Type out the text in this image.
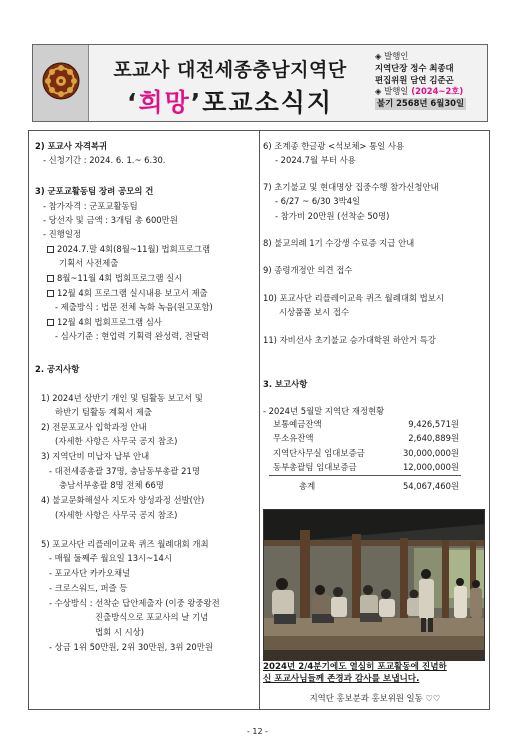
포교사 대전세종충남지역단
‘희망’포교소식지
◈ 발행인
지역단장 정수 최종대
편집위원 담연 김준곤
◈ 발행일 (2024~2호)
불기 2568년 6월30일
2) 포교사 자격복귀
- 신청기간 : 2024. 6. 1.~ 6.30.
3) 군포교활동팀 장려 공모의 건
- 참가자격 : 군포교활동팀
- 당선자 및 금액 : 3개팀 총 600만원
- 진행일정
2024.7.말 4회(8월~11월) 법회프로그램
기획서 사전제출
8월~11월 4회 법회프로그램 실시
12월 4회 프로그램 실시내용 보고서 제출
- 제출방식 : 법문 전체 녹화 녹음(원고포함)
12월 4회 법회프로그램 심사
- 심사기준 : 현업력 기획력 완성력, 전달력
2. 공지사항
1) 2024년 상반기 개인 및 팀활동 보고서 및
하반기 팀활동 계획서 제출
2) 전문포교사 입학과정 안내
(자세한 사항은 사무국 공지 참조)
3) 지역단비 미납자 납부 안내
- 대전세종총괄 37명, 충남동부총괄 21명
충남서부총괄 8명 전체 66명
4) 불교문화해설사 지도자 양성과정 선발(안)
(자세한 사항은 사무국 공지 참조)
5) 포교사단 리플레이교육 퀴즈 월례대회 개최
- 매월 둘째주 월요일 13시~14시
- 포교사단 카카오채널
- 크로스워드, 퍼즐 등
- 수상방식 : 선착순 답안제출자 (이중 왕중왕전
진출방식으로 포교사의 날 기념
법회 시 시상)
- 상금 1위 50만원, 2위 30만원, 3위 20만원
6) 조계종 한글광 <석보체> 통일 사용
- 2024.7월 부터 사용
7) 초기불교 및 현대명상 집중수행 참가신청안내
- 6/27 ~ 6/30 3박4일
- 참가비 20만원 (선착순 50명)
8) 불교의례 1기 수강생 수료증 지급 안내
9) 종령개정안 의견 접수
10) 포교사단 리플레이교육 퀴즈 월례대회 법보시
시상품품 보시 접수
11) 자비선사 초기불교 승가대학원 하안거 특강
3. 보고사항
- 2024년 5월말 지역단 재정현황
보통예금잔액	9,426,571원
무소유잔액	2,640,889원
지역단사무실 임대보증금	30,000,000원
동부총괄팀 임대보증금	12,000,000원
총계	54,067,460원
2024년 2/4분기에도 열심히 포교활동에 진념하
신 포교사님들께 존경과 감사를 보냅니다.
지역단 홍보분과 홍보위원 일동 ♡♡
- 12 -
